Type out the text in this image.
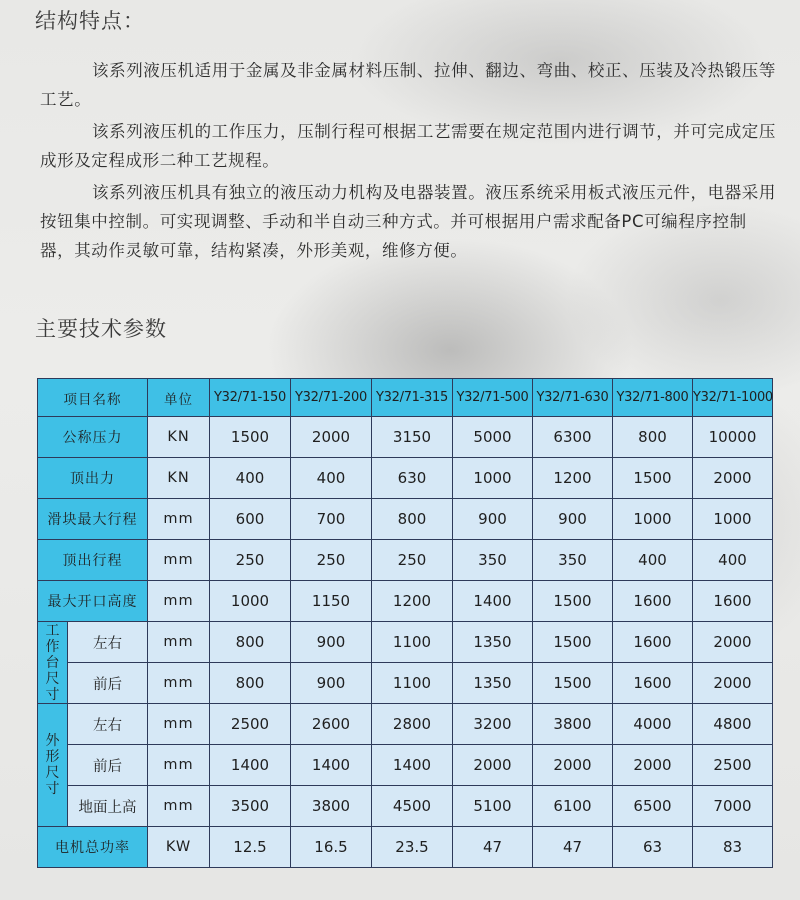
结构特点：

该系列液压机适用于金属及非金属材料压制、拉伸、翻边、弯曲、校正、压装及冷热锻压等工艺。

该系列液压机的工作压力，压制行程可根据工艺需要在规定范围内进行调节，并可完成定压成形及定程成形二种工艺规程。

该系列液压机具有独立的液压动力机构及电器装置。液压系统采用板式液压元件，电器采用按钮集中控制。可实现调整、手动和半自动三种方式。并可根据用户需求配备PC可编程序控制器，其动作灵敏可靠，结构紧凑，外形美观，维修方便。

主要技术参数
项目名称		单位	Y32/71-150	Y32/71-200	Y32/71-315	Y32/71-500	Y32/71-630	Y32/71-800	Y32/71-1000
公称压力		KN	1500	2000	3150	5000	6300	800	10000
顶出力		KN	400	400	630	1000	1200	1500	2000
滑块最大行程		mm	600	700	800	900	900	1000	1000
顶出行程		mm	250	250	250	350	350	400	400
最大开口高度		mm	1000	1150	1200	1400	1500	1600	1600
工作台尺寸	左右	mm	800	900	1100	1350	1500	1600	2000
	前后	mm	800	900	1100	1350	1500	1600	2000
外形尺寸	左右	mm	2500	2600	2800	3200	3800	4000	4800
	前后	mm	1400	1400	1400	2000	2000	2000	2500
	地面上高	mm	3500	3800	4500	5100	6100	6500	7000
电机总功率		KW	12.5	16.5	23.5	47	47	63	83
